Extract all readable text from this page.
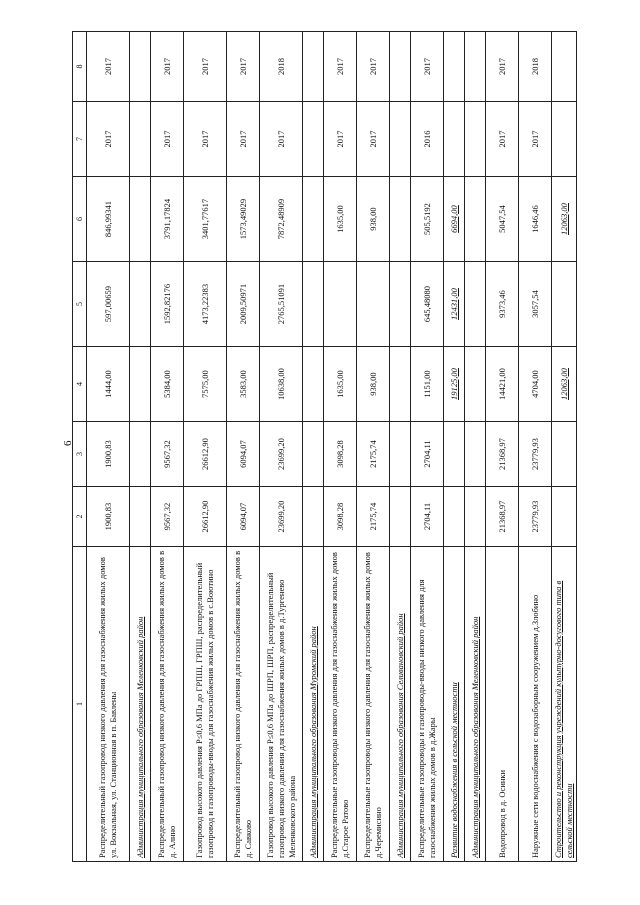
6
1	2	3	4	5	6	7	8
Распределительный газопровод низкого давления для газоснабжения жилых домов ул. Вокзальная, ул. Станционная в п. Бавлены	1900,83	1900,83	1444,00	597,00659	846,99341	2017	2017
Администрация муниципального образования Меленковский район							
Распределительный газопровод низкого давления для газоснабжения жилых домов в д. Алнно	9567,32	9567,32	5384,00	1592,82176	3791,17824	2017	2017
Газопровод высокого давления Р≤0,6 МПа до ГРПШ, ГРПШ, распределительный газопровод и газопроводы-вводы для газоснабжения жилых домов в с.Воютино	26612,90	26612,90	7575,00	4173,22383	3401,77617	2017	2017
Распределительный газопровод низкого давления для газоснабжения жилых домов в д. Савково	6094,07	6094,07	3583,00	2009,50971	1573,49029	2017	2017
Газопровод высокого давления Р≤0,6 МПа до ШРП, ШРП, распределительный газопровод низкого давления для газоснабжения жилых домов в д.Тургенево Меленковского района	23699,20	23699,20	10638,00	2765,51091	7872,48909	2017	2018
Администрация муниципального образования Муромский район							
Распределительные газопроводы низкого давления для газоснабжения жилых домов д.Старое Ратово	3098,28	3098,28	1635,00		1635,00	2017	2017
Распределительные газопроводы низкого давления для газоснабжения жилых домов д.Черемисино	2175,74	2175,74	938,00		938,00	2017	2017
Администрация муниципального образования Селивановский район							
Распределительные газопроводы и газопроводы-вводы низкого давления для газоснабжения жилых домов в д.Жары	2704,11	2704,11	1151,00	645,48080	505,5192	2016	2017
Развитие водоснабжения в сельской местности			19125,00	12431,00	6694,00		
Администрация муниципального образования Меленковский район							
Водопровод в д. Осинки	21368,97	21368,97	14421,00	9373,46	5047,54	2017	2017
Наружные сети водоснабжения с водозаборным сооружением д.Злобино	23779,93	23779,93	4704,00	3057,54	1646,46	2017	2018
Строительство и реконструкция учреждений культурно-досугового типа в сельской местности			12063,00		12063,00		
